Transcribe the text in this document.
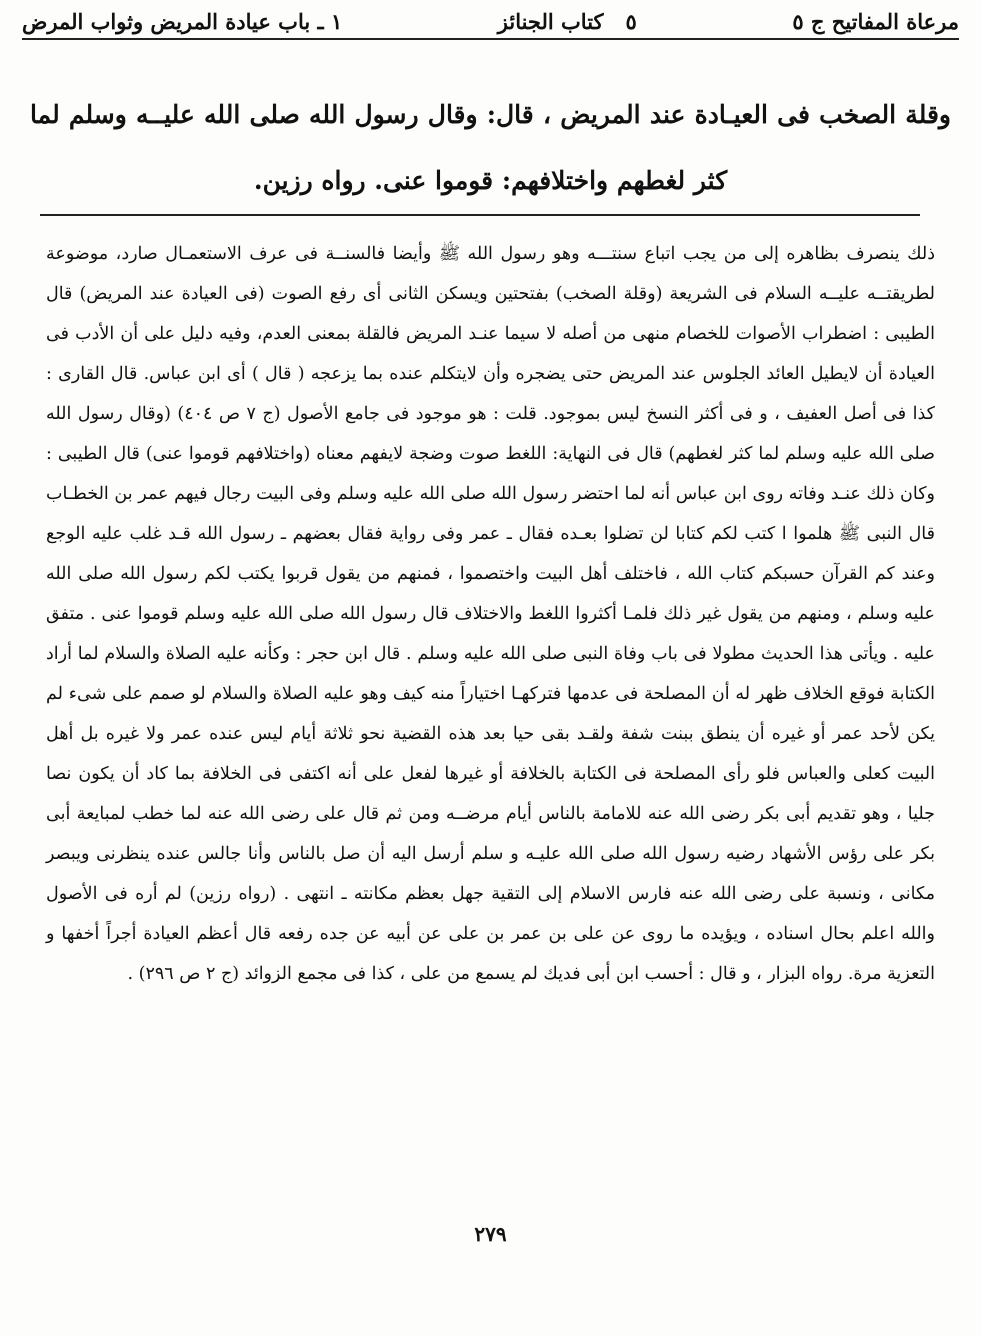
مرعاة المفاتيح ج ٥
٥
كتاب الجنائز
١ ـ باب عيادة المريض وثواب المرض
وقلة الصخب فى العيـادة عند المريض ، قال: وقال رسول الله صلى الله عليــه وسلم لما كثر لغطهم واختلافهم: قوموا عنى. رواه رزين.

ذلك ينصرف بظاهره إلى من يجب اتباع سنتـــه وهو رسول الله ﷺ وأيضا فالسنــة فى عرف الاستعمـال صارد، موضوعة لطريقتــه عليــه السلام فى الشريعة (وقلة الصخب) بفتحتين ويسكن الثانى أى رفع الصوت (فى العيادة عند المريض) قال الطيبى : اضطراب الأصوات للخصام منهى من أصله لا سيما عنـد المريض فالقلة بمعنى العدم، وفيه دليل على أن الأدب فى العيادة أن لايطيل العائد الجلوس عند المريض حتى يضجره وأن لايتكلم عنده بما يزعجه ( قال ) أى ابن عباس. قال القارى : كذا فى أصل العفيف ، و فى أكثر النسخ ليس بموجود. قلت : هو موجود فى جامع الأصول (ج ٧ ص ٤٠٤) (وقال رسول الله صلى الله عليه وسلم لما كثر لغطهم) قال فى النهاية: اللغط صوت وضجة لايفهم معناه (واختلافهم قوموا عنى) قال الطيبى : وكان ذلك عنـد وفاته روى ابن عباس أنه لما احتضر رسول الله صلى الله عليه وسلم وفى البيت رجال فيهم عمر بن الخطـاب قال النبى ﷺ هلموا ا كتب لكم كتابا لن تضلوا بعـده فقال ـ عمر وفى رواية فقال بعضهم ـ رسول الله قـد غلب عليه الوجع وعند كم القرآن حسبكم كتاب الله ، فاختلف أهل البيت واختصموا ، فمنهم من يقول قربوا يكتب لكم رسول الله صلى الله عليه وسلم ، ومنهم من يقول غير ذلك فلمـا أكثروا اللغط والاختلاف قال رسول الله صلى الله عليه وسلم قوموا عنى . متفق عليه . ويأتى هذا الحديث مطولا فى باب وفاة النبى صلى الله عليه وسلم . قال ابن حجر : وكأنه عليه الصلاة والسلام لما أراد الكتابة فوقع الخلاف ظهر له أن المصلحة فى عدمها فتركهـا اختياراً منه كيف وهو عليه الصلاة والسلام لو صمم على شىء لم يكن لأحد عمر أو غيره أن ينطق ببنت شفة ولقـد بقى حيا بعد هذه القضية نحو ثلاثة أيام ليس عنده عمر ولا غيره بل أهل البيت كعلى والعباس فلو رأى المصلحة فى الكتابة بالخلافة أو غيرها لفعل على أنه اكتفى فى الخلافة بما كاد أن يكون نصا جليا ، وهو تقديم أبى بكر رضى الله عنه للامامة بالناس أيام مرضــه ومن ثم قال على رضى الله عنه لما خطب لمبايعة أبى بكر على رؤس الأشهاد رضيه رسول الله صلى الله عليـه و سلم أرسل اليه أن صل بالناس وأنا جالس عنده ينظرنى ويبصر مكانى ، ونسبة على رضى الله عنه فارس الاسلام إلى التقية جهل بعظم مكانته ـ انتهى . (رواه رزين) لم أره فى الأصول والله اعلم بحال اسناده ، ويؤيده ما روى عن على بن عمر بن على عن أبيه عن جده رفعه قال أعظم العيادة أجراً أخفها و التعزية مرة. رواه البزار ، و قال : أحسب ابن أبى فديك لم يسمع من على ، كذا فى مجمع الزوائد (ج ٢ ص ٢٩٦) .

٢٧٩
